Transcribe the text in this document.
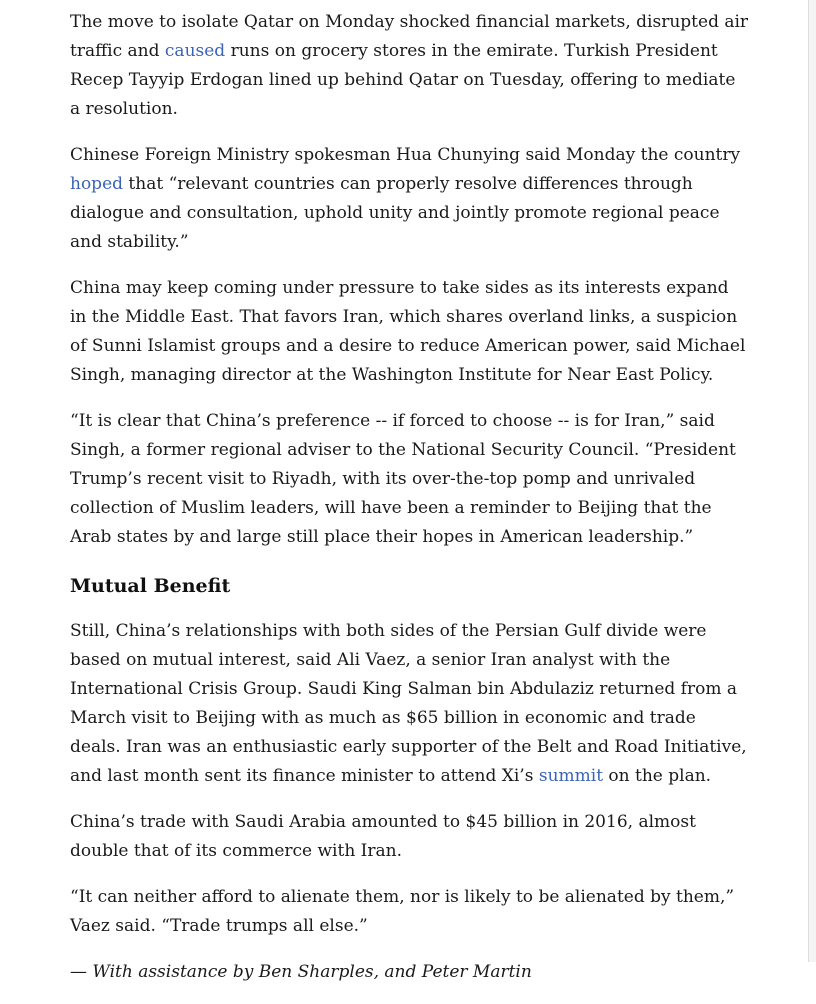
The move to isolate Qatar on Monday shocked financial markets, disrupted air traffic and caused runs on grocery stores in the emirate. Turkish President Recep Tayyip Erdogan lined up behind Qatar on Tuesday, offering to mediate a resolution.

Chinese Foreign Ministry spokesman Hua Chunying said Monday the country hoped that “relevant countries can properly resolve differences through dialogue and consultation, uphold unity and jointly promote regional peace and stability.”

China may keep coming under pressure to take sides as its interests expand in the Middle East. That favors Iran, which shares overland links, a suspicion of Sunni Islamist groups and a desire to reduce American power, said Michael Singh, managing director at the Washington Institute for Near East Policy.

“It is clear that China’s preference -- if forced to choose -- is for Iran,” said Singh, a former regional adviser to the National Security Council. “President Trump’s recent visit to Riyadh, with its over-the-top pomp and unrivaled collection of Muslim leaders, will have been a reminder to Beijing that the Arab states by and large still place their hopes in American leadership.”

Mutual Benefit

Still, China’s relationships with both sides of the Persian Gulf divide were based on mutual interest, said Ali Vaez, a senior Iran analyst with the International Crisis Group. Saudi King Salman bin Abdulaziz returned from a March visit to Beijing with as much as $65 billion in economic and trade deals. Iran was an enthusiastic early supporter of the Belt and Road Initiative, and last month sent its finance minister to attend Xi’s summit on the plan.

China’s trade with Saudi Arabia amounted to $45 billion in 2016, almost double that of its commerce with Iran.

“It can neither afford to alienate them, nor is likely to be alienated by them,” Vaez said. “Trade trumps all else.”

— With assistance by Ben Sharples, and Peter Martin
